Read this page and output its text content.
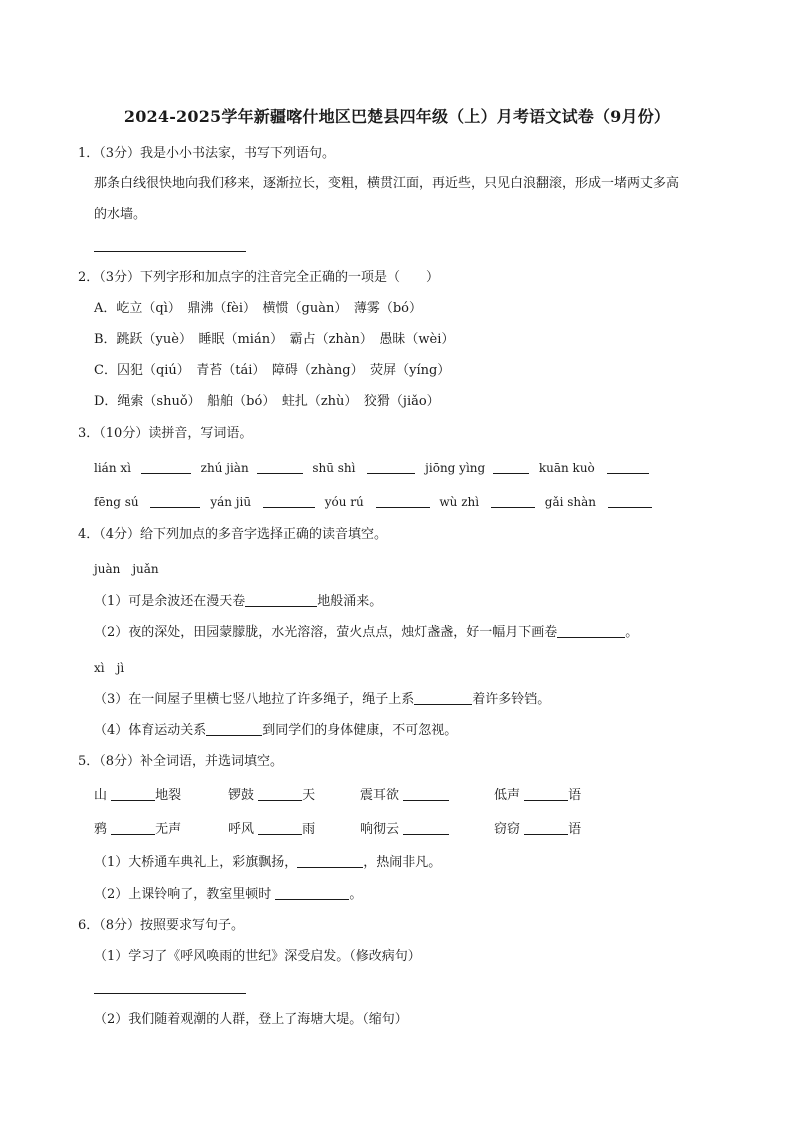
2024-2025学年新疆喀什地区巴楚县四年级（上）月考语文试卷（9月份）
1．（3分）我是小小书法家，书写下列语句。
那条白线很快地向我们移来，逐渐拉长，变粗，横贯江面，再近些，只见白浪翻滚，形成一堵两丈多高
的水墙。
2．（3分）下列字形和加点字的注音完全正确的一项是（　　）
A．屹立（qì）　鼎沸（fèi）　横惯（guàn）　薄雾（bó）
B．跳跃（yuè）　睡眠（mián）　霸占（zhàn）　愚昧（wèi）
C．囚犯（qiú）　青苔（tái）　障碍（zhàng）　荧屏（yíng）
D．绳索（shuǒ）　船舶（bó）　蛀扎（zhù）　狡猾（jiǎo）
3．（10分）读拼音，写词语。
lián xì	zhú jiàn	shū shì	jiōng yìng	kuān kuò
fēng sú	yán jiū	yóu rú	wù zhì	gǎi shàn
4．（4分）给下列加点的多音字选择正确的读音填空。
juàn　juǎn
（1）可是余波还在漫天卷	地般涌来。
（2）夜的深处，田园蒙朦胧，水光溶溶，萤火点点，烛灯盏盏，好一幅月下画卷	。
xì　jì
（3）在一间屋子里横七竖八地拉了许多绳子，绳子上系	着许多铃铛。
（4）体育运动关系	到同学们的身体健康，不可忽视。
5．（8分）补全词语，并选词填空。
山	地裂	锣鼓	天	震耳欲	低声	语
鸦	无声	呼风	雨	响彻云	窃窃	语
（1）大桥通车典礼上，彩旗飘扬，	，热闹非凡。
（2）上课铃响了，教室里顿时	。
6．（8分）按照要求写句子。
（1）学习了《呼风唤雨的世纪》深受启发。（修改病句）
（2）我们随着观潮的人群，登上了海塘大堤。（缩句）
